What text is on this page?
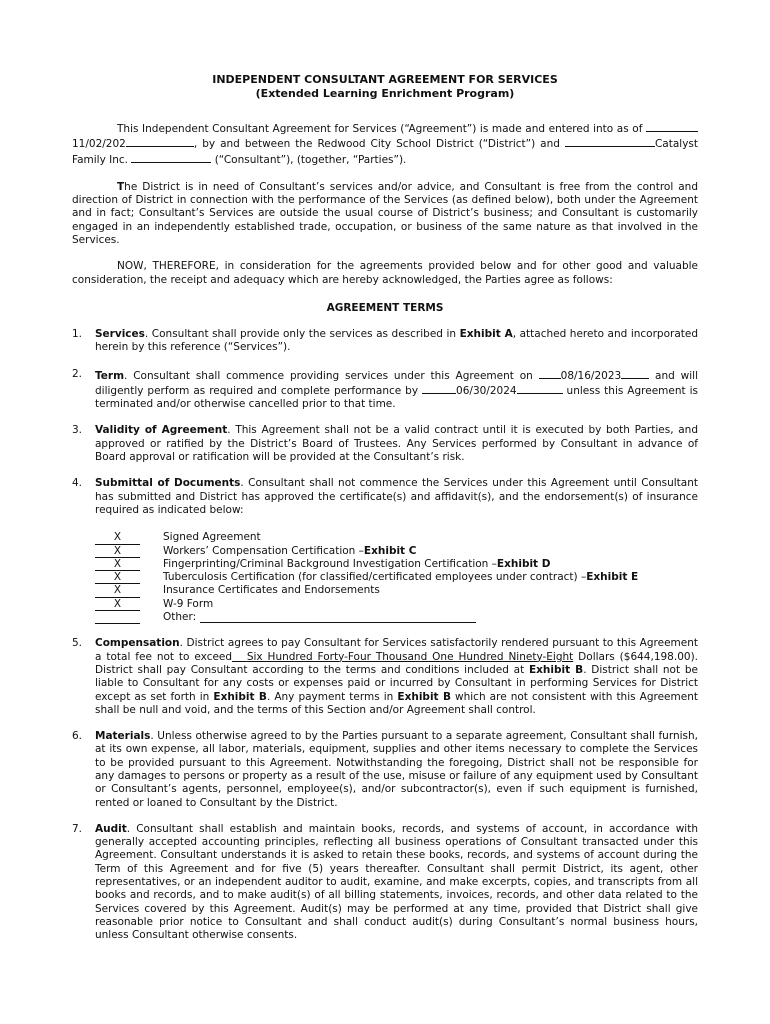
INDEPENDENT CONSULTANT AGREEMENT FOR SERVICES
(Extended Learning Enrichment Program)

This Independent Consultant Agreement for Services (“Agreement”) is made and entered into as of 11/02/202	, by and between the Redwood City School District (“District”) and	Catalyst Family Inc.	(“Consultant”), (together, “Parties”).

The District is in need of Consultant’s services and/or advice, and Consultant is free from the control and direction of District in connection with the performance of the Services (as defined below), both under the Agreement and in fact; Consultant’s Services are outside the usual course of District’s business; and Consultant is customarily engaged in an independently established trade, occupation, or business of the same nature as that involved in the Services.

NOW, THEREFORE, in consideration for the agreements provided below and for other good and valuable consideration, the receipt and adequacy which are hereby acknowledged, the Parties agree as follows:

AGREEMENT TERMS
1. Services. Consultant shall provide only the services as described in Exhibit A, attached hereto and incorporated herein by this reference (“Services”).
2. Term. Consultant shall commence providing services under this Agreement on 08/16/2023	and will diligently perform as required and complete performance by	06/30/2024	unless this Agreement is terminated and/or otherwise cancelled prior to that time.
3. Validity of Agreement. This Agreement shall not be a valid contract until it is executed by both Parties, and approved or ratified by the District’s Board of Trustees. Any Services performed by Consultant in advance of Board approval or ratification will be provided at the Consultant’s risk.
4. Submittal of Documents. Consultant shall not commence the Services under this Agreement until Consultant has submitted and District has approved the certificate(s) and affidavit(s), and the endorsement(s) of insurance required as indicated below:
X	Signed Agreement
X	Workers’ Compensation Certification – Exhibit C
X	Fingerprinting/Criminal Background Investigation Certification – Exhibit D
X	Tuberculosis Certification (for classified/certificated employees under contract) – Exhibit E
X	Insurance Certificates and Endorsements
X	W-9 Form
Other:

5. Compensation. District agrees to pay Consultant for Services satisfactorily rendered pursuant to this Agreement a total fee not to exceed Six Hundred Forty-Four Thousand One Hundred Ninety-Eight Dollars ($644,198.00). District shall pay Consultant according to the terms and conditions included at Exhibit B. District shall not be liable to Consultant for any costs or expenses paid or incurred by Consultant in performing Services for District except as set forth in Exhibit B. Any payment terms in Exhibit B which are not consistent with this Agreement shall be null and void, and the terms of this Section and/or Agreement shall control.
6. Materials. Unless otherwise agreed to by the Parties pursuant to a separate agreement, Consultant shall furnish, at its own expense, all labor, materials, equipment, supplies and other items necessary to complete the Services to be provided pursuant to this Agreement. Notwithstanding the foregoing, District shall not be responsible for any damages to persons or property as a result of the use, misuse or failure of any equipment used by Consultant or Consultant’s agents, personnel, employee(s), and/or subcontractor(s), even if such equipment is furnished, rented or loaned to Consultant by the District.
7. Audit. Consultant shall establish and maintain books, records, and systems of account, in accordance with generally accepted accounting principles, reflecting all business operations of Consultant transacted under this Agreement. Consultant understands it is asked to retain these books, records, and systems of account during the Term of this Agreement and for five (5) years thereafter. Consultant shall permit District, its agent, other representatives, or an independent auditor to audit, examine, and make excerpts, copies, and transcripts from all books and records, and to make audit(s) of all billing statements, invoices, records, and other data related to the Services covered by this Agreement. Audit(s) may be performed at any time, provided that District shall give reasonable prior notice to Consultant and shall conduct audit(s) during Consultant’s normal business hours, unless Consultant otherwise consents.
